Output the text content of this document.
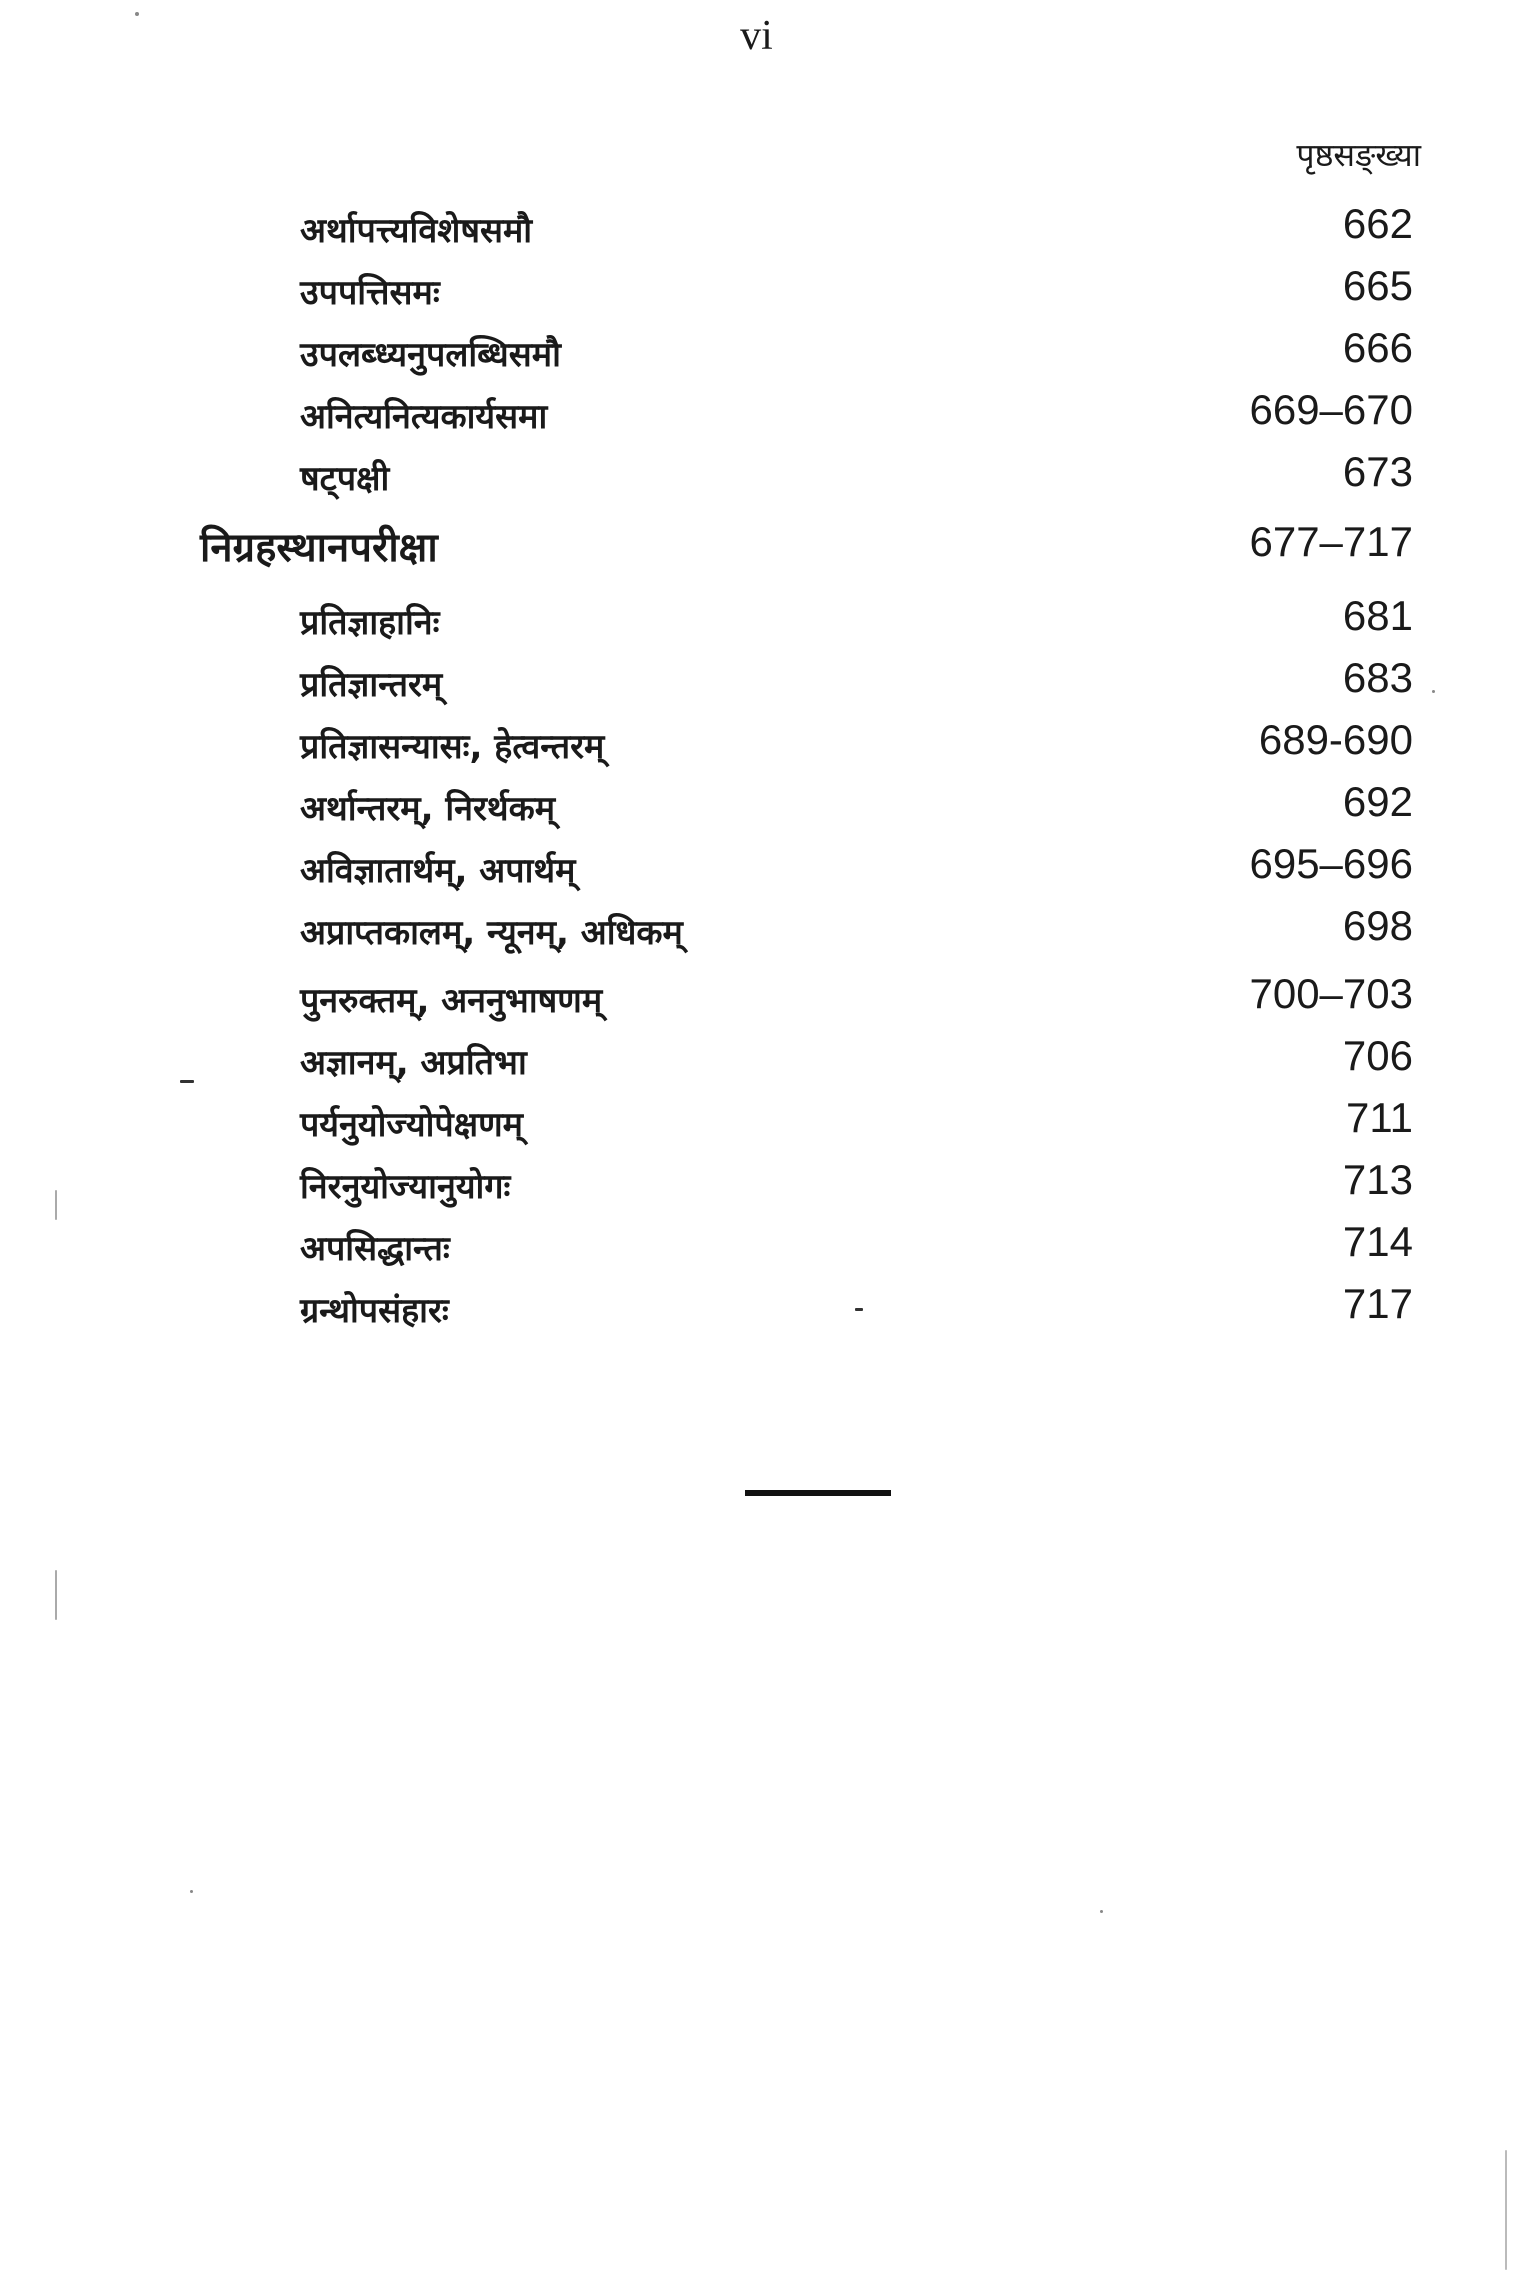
vi
पृष्ठसङ्ख्या
अर्थापत्त्यविशेषसमौ	662
उपपत्तिसमः	665
उपलब्ध्यनुपलब्धिसमौ	666
अनित्यनित्यकार्यसमा	669–670
षट्पक्षी	673
निग्रहस्थानपरीक्षा	677–717
प्रतिज्ञाहानिः	681
प्रतिज्ञान्तरम्	683
प्रतिज्ञासन्यासः, हेत्वन्तरम्	689-690
अर्थान्तरम्, निरर्थकम्	692
अविज्ञातार्थम्, अपार्थम्	695–696
अप्राप्तकालम्, न्यूनम्, अधिकम्	698
पुनरुक्तम्, अननुभाषणम्	700–703
अज्ञानम्, अप्रतिभा	706
पर्यनुयोज्योपेक्षणम्	711
निरनुयोज्यानुयोगः	713
अपसिद्धान्तः	714
ग्रन्थोपसंहारः	717
